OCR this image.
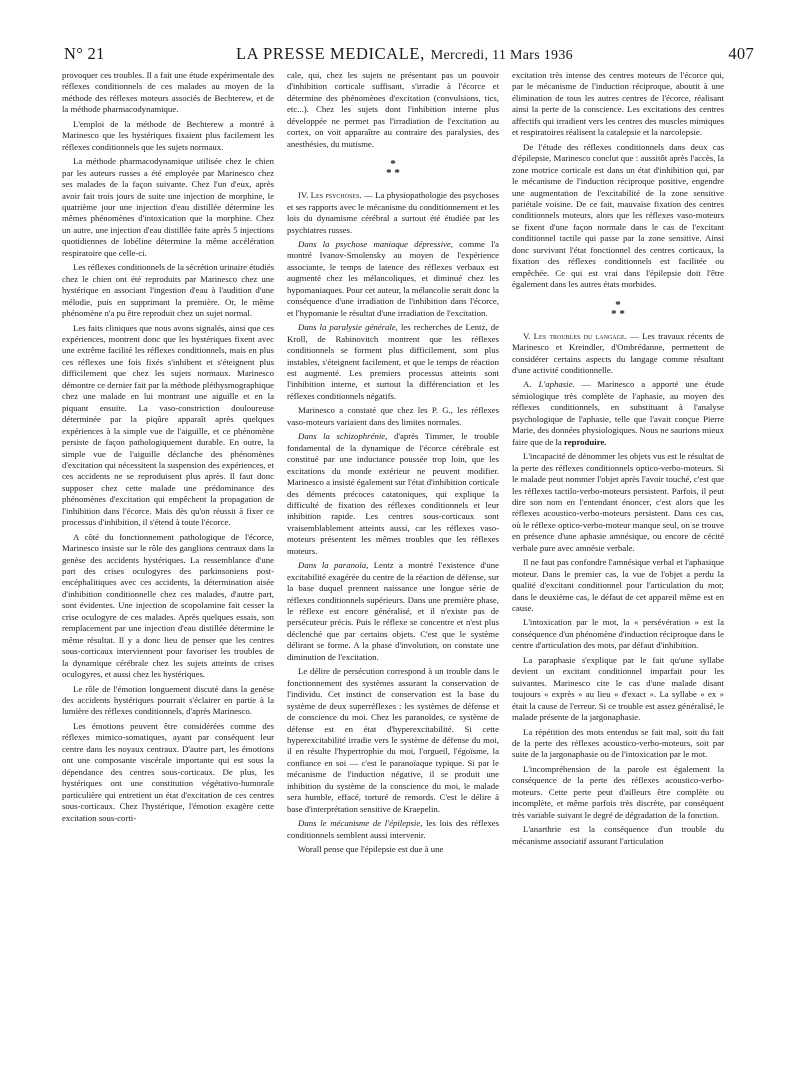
N° 21	LA PRESSE MEDICALE, Mercredi, 11 Mars 1936	407

provoquer ces troubles. Il a fait une étude expérimentale des réflexes conditionnels de ces malades au moyen de la méthode des réflexes moteurs associés de Bechterew, et de la méthode pharmacodynamique.

L'emploi de la méthode de Bechterew a montré à Marinesco que les hystériques fixaient plus facilement les réflexes conditionnels que les sujets normaux.

La méthode pharmacodynamique utilisée chez le chien par les auteurs russes a été employée par Marinesco chez ses malades de la façon suivante. Chez l'un d'eux, après avoir fait trois jours de suite une injection de morphine, le quatrième jour une injection d'eau distillée détermine les mêmes phénomènes d'intoxication que la morphine. Chez un autre, une injection d'eau distillée faite après 5 injections quotidiennes de lobéline détermine la même accélération respiratoire que celle-ci.

Les réflexes conditionnels de la sécrétion urinaire étudiés chez le chien ont été reproduits par Marinesco chez une hystérique en associant l'ingestion d'eau à l'audition d'une mélodie, puis en supprimant la première. Or, le même phénomène n'a pu être reproduit chez un sujet normal.

Les faits cliniques que nous avons signalés, ainsi que ces expériences, montrent donc que les hystériques fixent avec une extrême facilité les réflexes conditionnels, mais en plus ces réflexes une fois fixés s'inhibent et s'éteignent plus difficilement que chez les sujets normaux. Marinesco démontre ce dernier fait par la méthode pléthysmographique chez une malade en lui montrant une aiguille et en la piquant ensuite. La vaso-constriction douloureuse déterminée par la piqûre apparaît après quelques expériences à la simple vue de l'aiguille, et ce phénomène persiste de façon pathologiquement durable. En outre, la simple vue de l'aiguille déclanche des phénomènes d'excitation qui nécessitent la suspension des expériences, et ces accidents ne se reproduisent plus après. Il faut donc supposer chez cette malade une prédominance des phénomènes d'excitation qui empêchent la propagation de l'inhibition dans l'écorce. Mais dès qu'on réussit à fixer ce processus d'inhibition, il s'étend à toute l'écorce.

A côté du fonctionnement pathologique de l'écorce, Marinesco insiste sur le rôle des ganglions centraux dans la genèse des accidents hystériques. La ressemblance d'une part des crises oculogyres des parkinsoniens post-encéphalitiques avec ces accidents, la détermination aisée d'inhibition conditionnelle chez ces malades, d'autre part, sont évidentes. Une injection de scopolamine fait cesser la crise oculogyre de ces malades. Après quelques essais, son remplacement par une injection d'eau distillée détermine le même résultat. Il y a donc lieu de penser que les centres sous-corticaux interviennent pour favoriser les troubles de la dynamique cérébrale chez les sujets atteints de crises oculogyres, et aussi chez les hystériques.

Le rôle de l'émotion longuement discuté dans la genèse des accidents hystériques pourrait s'éclairer en partie à la lumière des réflexes conditionnels, d'après Marinesco.

Les émotions peuvent être considérées comme des réflexes mimico-somatiques, ayant par conséquent leur centre dans les noyaux centraux. D'autre part, les émotions ont une composante viscérale importante qui est sous la dépendance des centres sous-corticaux. De plus, les hystériques ont une constitution végétativo-humorale particulière qui entretient un état d'excitation de ces centres sous-corticaux. Chez l'hystérique, l'émotion exagère cette excitation sous-corti-

cale, qui, chez les sujets ne présentant pas un pouvoir d'inhibition corticale suffisant, s'irradie à l'écorce et détermine des phénomènes d'excitation (convulsions, tics, etc...). Chez les sujets dont l'inhibition interne plus développée ne permet pas l'irradiation de l'excitation au cortex, on voit apparaître au contraire des paralysies, des anesthésies, du mutisme.

*
* *

IV. Les psychoses. — La physiopathologie des psychoses et ses rapports avec le mécanisme du conditionnement et les lois du dynamisme cérébral a surtout été étudiée par les psychiatres russes.

Dans la psychose maniaque dépressive, comme l'a montré Ivanov-Smolensky au moyen de l'expérience associante, le temps de latence des réflexes verbaux est augmenté chez les mélancoliques, et diminué chez les hypomaniaques. Pour cet auteur, la mélancolie serait donc la conséquence d'une irradiation de l'inhibition dans l'écorce, et l'hypomanie le résultat d'une irradiation de l'excitation.

Dans la paralysie générale, les recherches de Lentz, de Kroll, de Rabinovitch montrent que les réflexes conditionnels se forment plus difficilement, sont plus instables, s'éteignent facilement, et que le temps de réaction est augmenté. Les premiers processus atteints sont l'inhibition interne, et surtout la différenciation et les réflexes conditionnels négatifs.

Marinesco a constaté que chez les P. G., les réflexes vaso-moteurs variaient dans des limites normales.

Dans la schizophrénie, d'après Timmer, le trouble fondamental de la dynamique de l'écorce cérébrale est constitué par une inductance poussée trop loin, que les excitations du monde extérieur ne peuvent modifier. Marinesco a insisté également sur l'état d'inhibition corticale des déments précoces catatoniques, qui explique la difficulté de fixation des réflexes conditionnels et leur inhibition rapide. Les centres sous-corticaux sont vraisemblablement atteints aussi, car les réflexes vaso-moteurs présentent les mêmes troubles que les réflexes moteurs.

Dans la paranoïa, Lentz a montré l'existence d'une excitabilité exagérée du centre de la réaction de défense, sur la base duquel prennent naissance une longue série de réflexes conditionnels supérieurs. Dans une première phase, le réflexe est encore généralisé, et il n'existe pas de persécuteur précis. Puis le réflexe se concentre et n'est plus déclenché que par certains objets. C'est que le système délirant se forme. A la phase d'involution, on constate une diminution de l'excitation.

Le délire de persécution correspond à un trouble dans le fonctionnement des systèmes assurant la conservation de l'individu. Cet instinct de conservation est la base du système de deux superréflexes : les systèmes de défense et de conscience du moi. Chez les paranoïdes, ce système de défense est en état d'hyperexcitabilité. Si cette hyperexcitabilité irradie vers le système de défense du moi, il en résulte l'hypertrophie du moi, l'orgueil, l'égoïsme, la confiance en soi — c'est le paranoïaque typique. Si par le mécanisme de l'induction négative, il se produit une inhibition du système de la conscience du moi, le malade sera humble, effacé, torturé de remords. C'est le délire à base d'interprétation sensitive de Kraepelin.

Dans le mécanisme de l'épilepsie, les lois des réflexes conditionnels semblent aussi intervenir.

Worall pense que l'épilepsie est due à une

excitation très intense des centres moteurs de l'écorce qui, par le mécanisme de l'induction réciproque, aboutit à une élimination de tous les autres centres de l'écorce, réalisant ainsi la perte de la conscience. Les excitations des centres affectifs qui irradient vers les centres des muscles mimiques et respiratoires réalisent la catalepsie et la narcolepsie.

De l'étude des réflexes conditionnels dans deux cas d'épilepsie, Marinesco conclut que : aussitôt après l'accès, la zone motrice corticale est dans un état d'inhibition qui, par le mécanisme de l'induction réciproque positive, engendre une augmentation de l'excitabilité de la zone sensitive pariétale voisine. De ce fait, mauvaise fixation des centres conditionnels moteurs, alors que les réflexes vaso-moteurs se fixent d'une façon normale dans le cas de l'excitant conditionnel tactile qui passe par la zone sensitive. Ainsi donc survivant l'état fonctionnel des centres corticaux, la fixation des réflexes conditionnels est facilitée ou empêchée. Ce qui est vrai dans l'épilepsie doit l'être également dans les autres états morbides.

*
* *

V. Les troubles du langage. — Les travaux récents de Marinesco et Kreindler, d'Ombrédanne, permettent de considérer certains aspects du langage comme résultant d'une activité conditionnelle.

A. L'aphasie. — Marinesco a apporté une étude sémiologique très complète de l'aphasie, au moyen des réflexes conditionnels, en substituant à l'analyse psychologique de l'aphasie, telle que l'avait conçue Pierre Marie, des données physiologiques. Nous ne saurions mieux faire que de la reproduire.

L'incapacité de dénommer les objets vus est le résultat de la perte des réflexes conditionnels optico-verbo-moteurs. Si le malade peut nommer l'objet après l'avoir touché, c'est que les réflexes tactilo-verbo-moteurs persistent. Parfois, il peut dire son nom en l'entendant énoncer, c'est alors que les réflexes acoustico-verbo-moteurs persistent. Dans ces cas, où le réflexe optico-verbo-moteur manque seul, on se trouve en présence d'une aphasie amnésique, ou encore de cécité verbale pure avec amnésie verbale.

Il ne faut pas confondre l'amnésique verbal et l'aphasique moteur. Dans le premier cas, la vue de l'objet a perdu la qualité d'excitant conditionnel pour l'articulation du mot; dans le deuxième cas, le défaut de cet appareil même est en cause.

L'intoxication par le mot, la « persévération » est la conséquence d'un phénomène d'induction réciproque dans le centre d'articulation des mots, par défaut d'inhibition.

La paraphasie s'explique par le fait qu'une syllabe devient un excitant conditionnel imparfait pour les suivantes. Marinesco cite le cas d'une malade disant toujours « exprès » au lieu « d'exact ». La syllabe « ex » était la cause de l'erreur. Si ce trouble est assez généralisé, le malade présente de la jargonaphasie.

La répétition des mots entendus se fait mal, soit du fait de la perte des réflexes acoustico-verbo-moteurs, soit par suite de la jargonaphasie ou de l'intoxication par le mot.

L'incompréhension de la parole est également la conséquence de la perte des réflexes acoustico-verbo-moteurs. Cette perte peut d'ailleurs être complète ou incomplète, et même parfois très discrète, par conséquent très variable suivant le degré de dégradation de la fonction.

L'anarthrie est la conséquence d'un trouble du mécanisme associatif assurant l'articulation
